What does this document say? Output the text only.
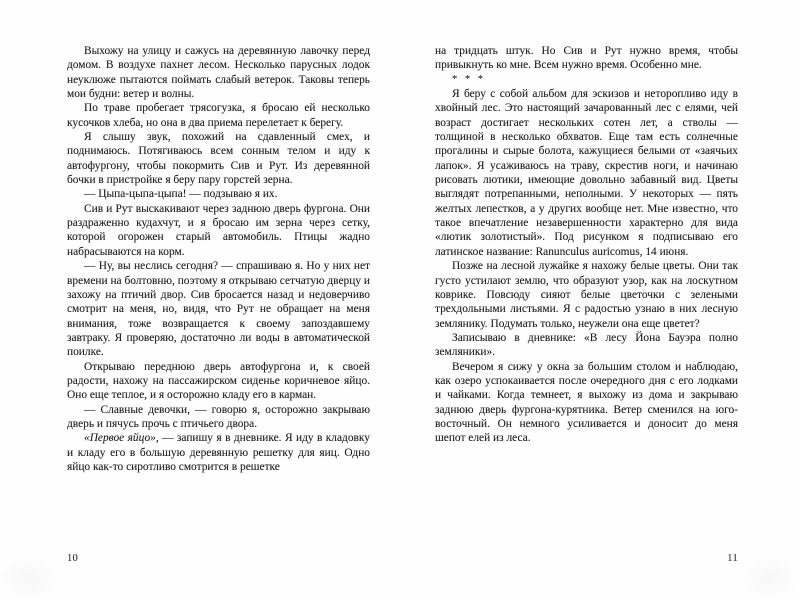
Выхожу на улицу и сажусь на деревянную лавочку перед домом. В воздухе пахнет лесом. Несколько парусных лодок неуклюже пытаются поймать слабый ветерок. Таковы теперь мои будни: ветер и волны.

По траве пробегает трясогузка, я бросаю ей несколько кусочков хлеба, но она в два приема перелетает к берегу.

Я слышу звук, похожий на сдавленный смех, и поднимаюсь. Потягиваюсь всем сонным телом и иду к автофургону, чтобы покормить Сив и Рут. Из деревянной бочки в пристройке я беру пару горстей зерна.

— Цыпа-цыпа-цыпа! — подзываю я их.

Сив и Рут выскакивают через заднюю дверь фургона. Они раздраженно кудахчут, и я бросаю им зерна через сетку, которой огорожен старый автомобиль. Птицы жадно набрасываются на корм.

— Ну, вы неслись сегодня? — спрашиваю я. Но у них нет времени на болтовню, поэтому я открываю сетчатую дверцу и захожу на птичий двор. Сив бросается назад и недоверчиво смотрит на меня, но, видя, что Рут не обращает на меня внимания, тоже возвращается к своему запоздавшему завтраку. Я проверяю, достаточно ли воды в автоматической поилке.

Открываю переднюю дверь автофургона и, к своей радости, нахожу на пассажирском сиденье коричневое яйцо. Оно еще теплое, и я осторожно кладу его в карман.

— Славные девочки, — говорю я, осторожно закрываю дверь и пячусь прочь с птичьего двора.

«Первое яйцо», — запишу я в дневнике. Я иду в кладовку и кладу его в большую деревянную решетку для яиц. Одно яйцо как-то сиротливо смотрится в решетке

10

на тридцать штук. Но Сив и Рут нужно время, чтобы привыкнуть ко мне. Всем нужно время. Особенно мне.

* * *

Я беру с собой альбом для эскизов и неторопливо иду в хвойный лес. Это настоящий зачарованный лес с елями, чей возраст достигает нескольких сотен лет, а стволы — толщиной в несколько обхватов. Еще там есть солнечные прогалины и сырые болота, кажущиеся белыми от «заячьих лапок». Я усаживаюсь на траву, скрестив ноги, и начинаю рисовать лютики, имеющие довольно забавный вид. Цветы выглядят потрепанными, неполными. У некоторых — пять желтых лепестков, а у других вообще нет. Мне известно, что такое впечатление незавершенности характерно для вида «лютик золотистый». Под рисунком я подписываю его латинское название: Ranunculus auricomus, 14 июня.

Позже на лесной лужайке я нахожу белые цветы. Они так густо устилают землю, что образуют узор, как на лоскутном коврике. Повсюду сияют белые цветочки с зелеными трехдольными листьями. Я с радостью узнаю в них лесную землянику. Подумать только, неужели она еще цветет?

Записываю в дневнике: «В лесу Йона Бауэра полно земляники».

Вечером я сижу у окна за большим столом и наблюдаю, как озеро успокаивается после очередного дня с его лодками и чайками. Когда темнеет, я выхожу из дома и закрываю заднюю дверь фургона-курятника. Ветер сменился на юго-восточный. Он немного усиливается и доносит до меня шепот елей из леса.

11
